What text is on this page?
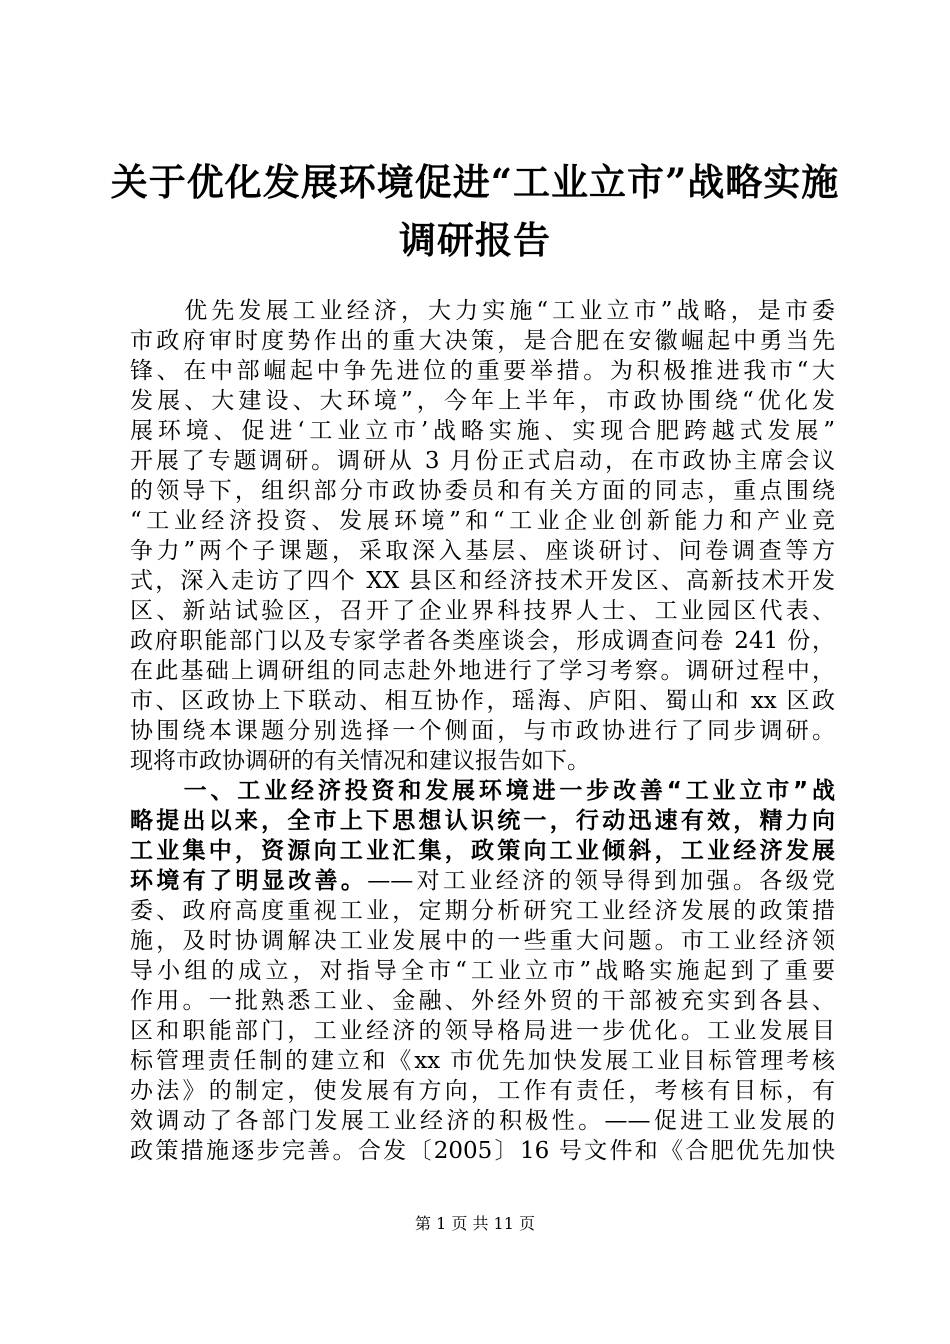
关于优化发展环境促进“工业立市”战略实施
调研报告
　　优先发展工业经济，大力实施“工业立市”战略，是市委
市政府审时度势作出的重大决策，是合肥在安徽崛起中勇当先
锋、在中部崛起中争先进位的重要举措。为积极推进我市“大
发展、大建设、大环境”，今年上半年，市政协围绕“优化发
展环境、促进‘工业立市’战略实施、实现合肥跨越式发展”
开展了专题调研。调研从 3 月份正式启动，在市政协主席会议
的领导下，组织部分市政协委员和有关方面的同志，重点围绕
“工业经济投资、发展环境”和“工业企业创新能力和产业竞
争力”两个子课题，采取深入基层、座谈研讨、问卷调查等方
式，深入走访了四个 XX 县区和经济技术开发区、高新技术开发
区、新站试验区，召开了企业界科技界人士、工业园区代表、
政府职能部门以及专家学者各类座谈会，形成调查问卷 241 份，
在此基础上调研组的同志赴外地进行了学习考察。调研过程中，
市、区政协上下联动、相互协作，瑶海、庐阳、蜀山和 xx 区政
协围绕本课题分别选择一个侧面，与市政协进行了同步调研。
现将市政协调研的有关情况和建议报告如下。
　　一、工业经济投资和发展环境进一步改善“工业立市”战
略提出以来，全市上下思想认识统一，行动迅速有效，精力向
工业集中，资源向工业汇集，政策向工业倾斜，工业经济发展
环境有了明显改善。——对工业经济的领导得到加强。各级党
委、政府高度重视工业，定期分析研究工业经济发展的政策措
施，及时协调解决工业发展中的一些重大问题。市工业经济领
导小组的成立，对指导全市“工业立市”战略实施起到了重要
作用。一批熟悉工业、金融、外经外贸的干部被充实到各县、
区和职能部门，工业经济的领导格局进一步优化。工业发展目
标管理责任制的建立和《xx 市优先加快发展工业目标管理考核
办法》的制定，使发展有方向，工作有责任，考核有目标，有
效调动了各部门发展工业经济的积极性。——促进工业发展的
政策措施逐步完善。合发〔2005〕16 号文件和《合肥优先加快
第 1 页 共 11 页
